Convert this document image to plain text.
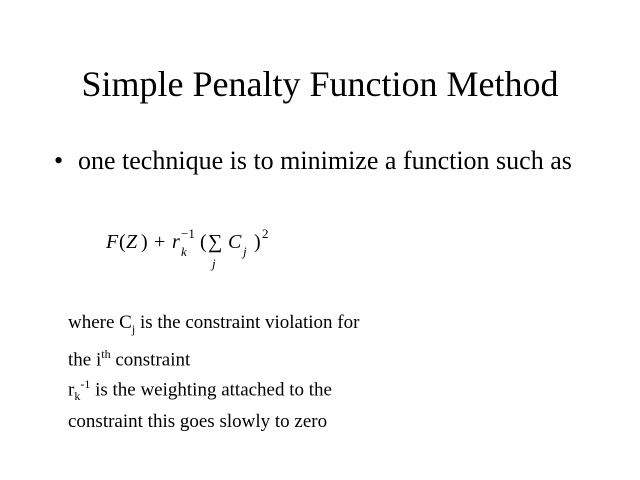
Simple Penalty Function Method
• one technique is to minimize a function such as
F ( Z ) + r −1
k ( ∑
j
C j ) 2
where $C_j$ is the constraint violation for
the $i^{th}$ constraint
$r_k^{-1}$ is the weighting attached to the
constraint this goes slowly to zero
